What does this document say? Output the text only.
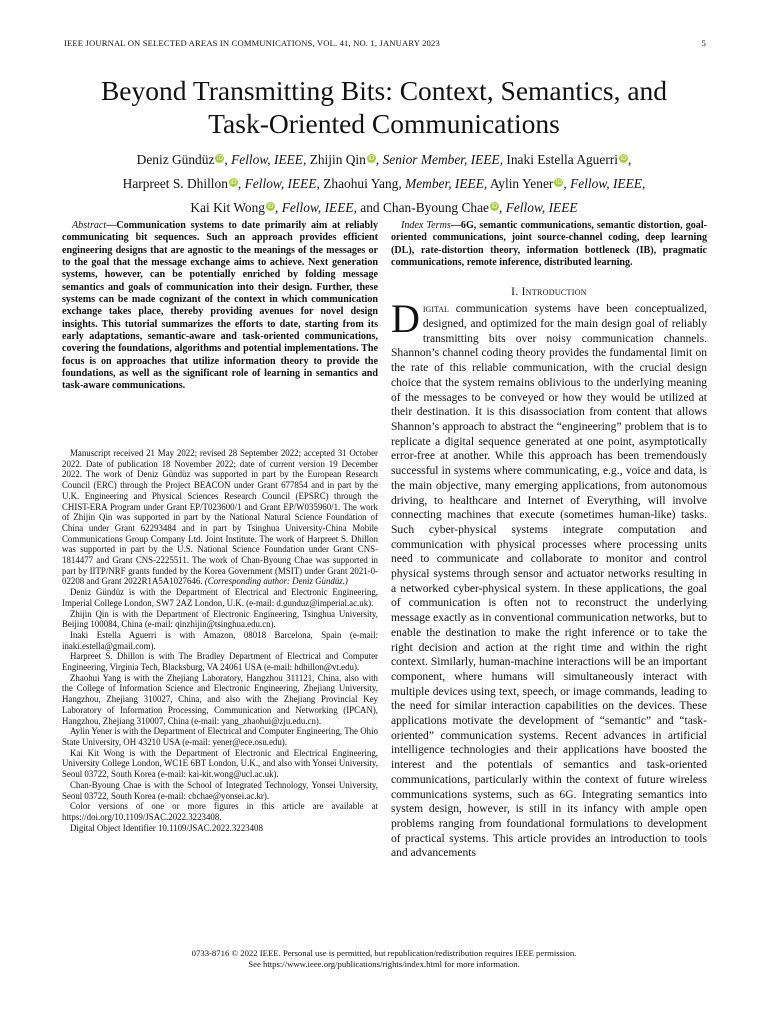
IEEE JOURNAL ON SELECTED AREAS IN COMMUNICATIONS, VOL. 41, NO. 1, JANUARY 2023	5
Beyond Transmitting Bits: Context, Semantics, and
Task-Oriented Communications
Deniz Gündüz iD, Fellow, IEEE, Zhijin Qin iD, Senior Member, IEEE, Inaki Estella Aguerri iD,
Harpreet S. Dhillon iD, Fellow, IEEE, Zhaohui Yang, Member, IEEE, Aylin Yener iD, Fellow, IEEE,
Kai Kit Wong iD, Fellow, IEEE, and Chan-Byoung Chae iD, Fellow, IEEE

Abstract—Communication systems to date primarily aim at reliably communicating bit sequences. Such an approach provides efficient engineering designs that are agnostic to the meanings of the messages or to the goal that the message exchange aims to achieve. Next generation systems, however, can be potentially enriched by folding message semantics and goals of communication into their design. Further, these systems can be made cognizant of the context in which communication exchange takes place, thereby providing avenues for novel design insights. This tutorial summarizes the efforts to date, starting from its early adaptations, semantic-aware and task-oriented communications, covering the foundations, algorithms and potential implementations. The focus is on approaches that utilize information theory to provide the foundations, as well as the significant role of learning in semantics and task-aware communications.

Manuscript received 21 May 2022; revised 28 September 2022; accepted 31 October 2022. Date of publication 18 November 2022; date of current version 19 December 2022. The work of Deniz Gündüz was supported in part by the European Research Council (ERC) through the Project BEACON under Grant 677854 and in part by the U.K. Engineering and Physical Sciences Research Council (EPSRC) through the CHIST-ERA Program under Grant EP/T023600/1 and Grant EP/W035960/1. The work of Zhijin Qin was supported in part by the National Natural Science Foundation of China under Grant 62293484 and in part by Tsinghua University-China Mobile Communications Group Company Ltd. Joint Institute. The work of Harpreet S. Dhillon was supported in part by the U.S. National Science Foundation under Grant CNS-1814477 and Grant CNS-2225511. The work of Chan-Byoung Chae was supported in part by IITP/NRF grants funded by the Korea Government (MSIT) under Grant 2021-0-02208 and Grant 2022R1A5A1027646. (Corresponding author: Deniz Gündüz.)

Deniz Gündüz is with the Department of Electrical and Electronic Engineering, Imperial College London, SW7 2AZ London, U.K. (e-mail: d.gunduz@imperial.ac.uk).

Zhijin Qin is with the Department of Electronic Engineering, Tsinghua University, Beijing 100084, China (e-mail: qinzhijin@tsinghua.edu.cn).

Inaki Estella Aguerri is with Amazon, 08018 Barcelona, Spain (e-mail: inaki.estella@gmail.com).

Harpreet S. Dhillon is with The Bradley Department of Electrical and Computer Engineering, Virginia Tech, Blacksburg, VA 24061 USA (e-mail: hdhillon@vt.edu).

Zhaohui Yang is with the Zhejiang Laboratory, Hangzhou 311121, China, also with the College of Information Science and Electronic Engineering, Zhejiang University, Hangzhou, Zhejiang 310027, China, and also with the Zhejiang Provincial Key Laboratory of Information Processing, Communication and Networking (IPCAN), Hangzhou, Zhejiang 310007, China (e-mail: yang_zhaohui@zju.edu.cn).

Aylin Yener is with the Department of Electrical and Computer Engineering, The Ohio State University, OH 43210 USA (e-mail: yener@ece.osu.edu).

Kai Kit Wong is with the Department of Electronic and Electrical Engineering, University College London, WC1E 6BT London, U.K., and also with Yonsei University, Seoul 03722, South Korea (e-mail: kai-kit.wong@ucl.ac.uk).

Chan-Byoung Chae is with the School of Integrated Technology, Yonsei University, Seoul 03722, South Korea (e-mail: cbchae@yonsei.ac.kr).

Color versions of one or more figures in this article are available at https://doi.org/10.1109/JSAC.2022.3223408.

Digital Object Identifier 10.1109/JSAC.2022.3223408

Index Terms—6G, semantic communications, semantic distortion, goal-oriented communications, joint source-channel coding, deep learning (DL), rate-distortion theory, information bottleneck (IB), pragmatic communications, remote inference, distributed learning.

I. Introduction

Digital communication systems have been conceptualized, designed, and optimized for the main design goal of reliably transmitting bits over noisy communication channels. Shannon’s channel coding theory provides the fundamental limit on the rate of this reliable communication, with the crucial design choice that the system remains oblivious to the underlying meaning of the messages to be conveyed or how they would be utilized at their destination. It is this disassociation from content that allows Shannon’s approach to abstract the “engineering” problem that is to replicate a digital sequence generated at one point, asymptotically error-free at another. While this approach has been tremendously successful in systems where communicating, e.g., voice and data, is the main objective, many emerging applications, from autonomous driving, to healthcare and Internet of Everything, will involve connecting machines that execute (sometimes human-like) tasks. Such cyber-physical systems integrate computation and communication with physical processes where processing units need to communicate and collaborate to monitor and control physical systems through sensor and actuator networks resulting in a networked cyber-physical system. In these applications, the goal of communication is often not to reconstruct the underlying message exactly as in conventional communication networks, but to enable the destination to make the right inference or to take the right decision and action at the right time and within the right context. Similarly, human-machine interactions will be an important component, where humans will simultaneously interact with multiple devices using text, speech, or image commands, leading to the need for similar interaction capabilities on the devices. These applications motivate the development of “semantic” and “task-oriented” communication systems. Recent advances in artificial intelligence technologies and their applications have boosted the interest and the potentials of semantics and task-oriented communications, particularly within the context of future wireless communications systems, such as 6G. Integrating semantics into system design, however, is still in its infancy with ample open problems ranging from foundational formulations to development of practical systems. This article provides an introduction to tools and advancements

0733-8716 © 2022 IEEE. Personal use is permitted, but republication/redistribution requires IEEE permission.
See https://www.ieee.org/publications/rights/index.html for more information.
